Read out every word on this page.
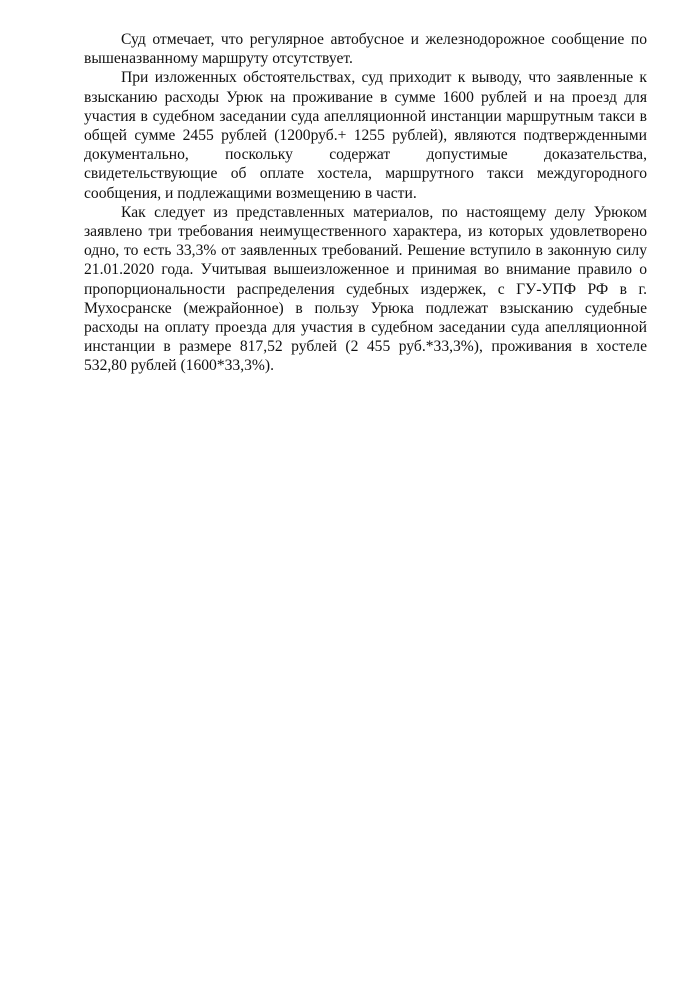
Суд отмечает, что регулярное автобусное и железнодорожное сообщение по вышеназванному маршруту отсутствует.

При изложенных обстоятельствах, суд приходит к выводу, что заявленные к взысканию расходы Урюк на проживание в сумме 1600 рублей и на проезд для участия в судебном заседании суда апелляционной инстанции маршрутным такси в общей сумме 2455 рублей (1200руб.+ 1255 рублей), являются подтвержденными документально, поскольку содержат допустимые доказательства, свидетельствующие об оплате хостела, маршрутного такси междугородного сообщения, и подлежащими возмещению в части.

Как следует из представленных материалов, по настоящему делу Урюком заявлено три требования неимущественного характера, из которых удовлетворено одно, то есть 33,3% от заявленных требований. Решение вступило в законную силу 21.01.2020 года. Учитывая вышеизложенное и принимая во внимание правило о пропорциональности распределения судебных издержек, с ГУ-УПФ РФ в г. Мухосранске (межрайонное) в пользу Урюка подлежат взысканию судебные расходы на оплату проезда для участия в судебном заседании суда апелляционной инстанции в размере 817,52 рублей (2 455 руб.*33,3%), проживания в хостеле 532,80 рублей (1600*33,3%).
